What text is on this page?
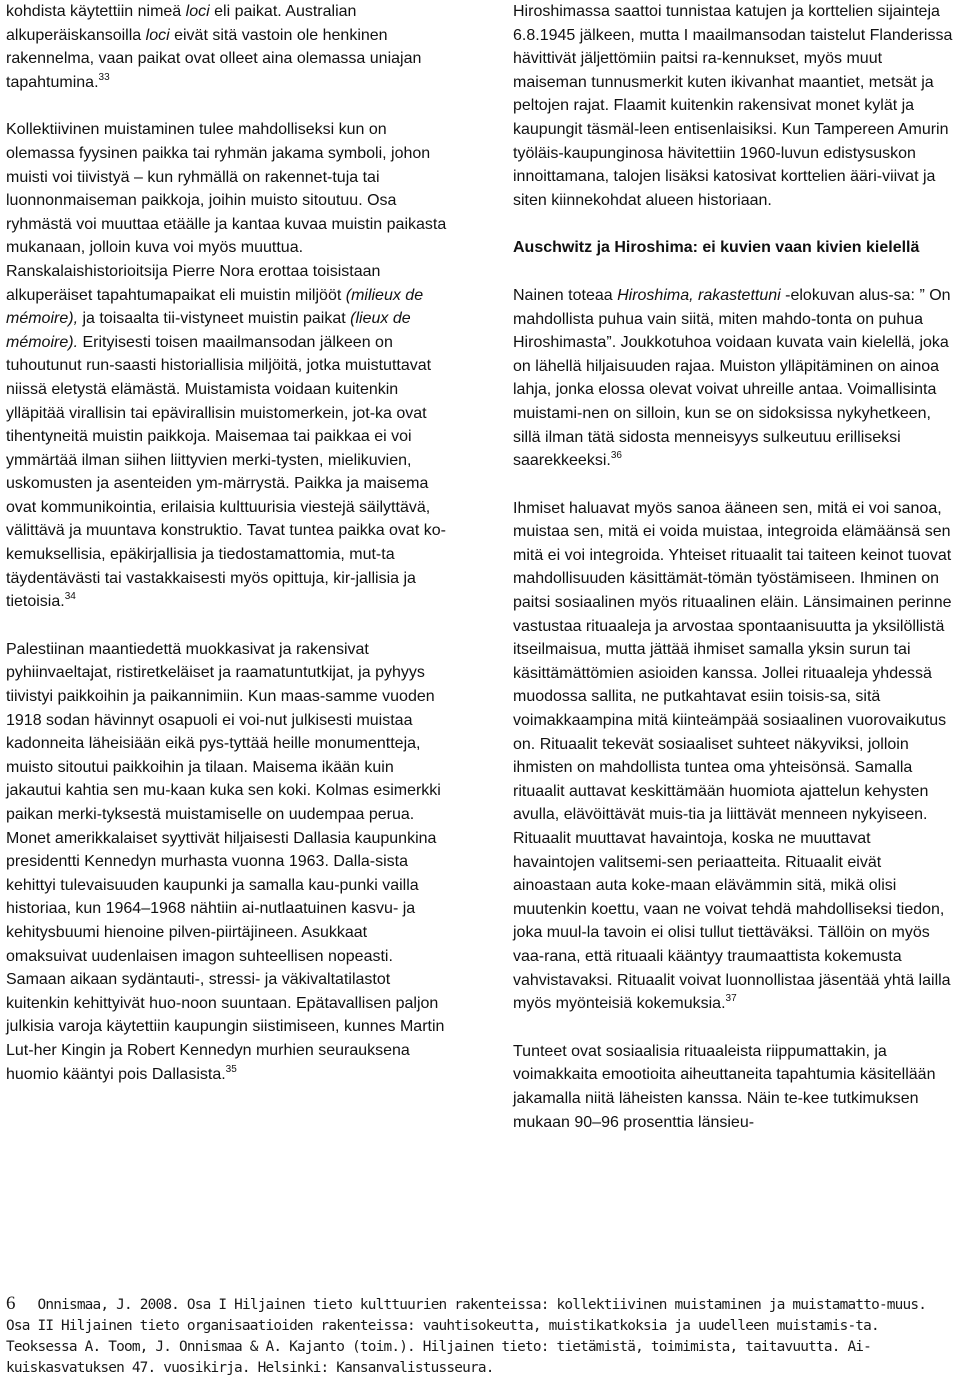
kohdista käytettiin nimeä loci eli paikat. Australian alkuperäiskansoilla loci eivät sitä vastoin ole henkinen rakennelma, vaan paikat ovat olleet aina olemassa uniajan tapahtumina.$^{33}$

Kollektiivinen muistaminen tulee mahdolliseksi kun on olemassa fyysinen paikka tai ryhmän jakama symboli, johon muisti voi tiivistyä – kun ryhmällä on rakennet-tuja tai luonnonmaiseman paikkoja, joihin muisto sitoutuu. Osa ryhmästä voi muuttaa etäälle ja kantaa kuvaa muistin paikasta mukanaan, jolloin kuva voi myös muuttua. Ranskalaishistorioitsija Pierre Nora erottaa toisistaan alkuperäiset tapahtumapaikat eli muistin miljööt (milieux de mémoire), ja toisaalta tii-vistyneet muistin paikat (lieux de mémoire). Erityisesti toisen maailmansodan jälkeen on tuhoutunut run-saasti historiallisia miljöitä, jotka muistuttavat niissä eletystä elämästä. Muistamista voidaan kuitenkin ylläpitää virallisin tai epävirallisin muistomerkein, jot-ka ovat tihentyneitä muistin paikkoja. Maisemaa tai paikkaa ei voi ymmärtää ilman siihen liittyvien merki-tysten, mielikuvien, uskomusten ja asenteiden ym-märrystä. Paikka ja maisema ovat kommunikointia, erilaisia kulttuurisia viestejä säilyttävä, välittävä ja muuntava konstruktio. Tavat tuntea paikka ovat ko-kemuksellisia, epäkirjallisia ja tiedostamattomia, mut-ta täydentävästi tai vastakkaisesti myös opittuja, kir-jallisia ja tietoisia.$^{34}$

Palestiinan maantiedettä muokkasivat ja rakensivat pyhiinvaeltajat, ristiretkeläiset ja raamatuntutkijat, ja pyhyys tiivistyi paikkoihin ja paikannimiin. Kun maas-samme vuoden 1918 sodan hävinnyt osapuoli ei voi-nut julkisesti muistaa kadonneita läheisiään eikä pys-tyttää heille monumentteja, muisto sitoutui paikkoihin ja tilaan. Maisema ikään kuin jakautui kahtia sen mu-kaan kuka sen koki. Kolmas esimerkki paikan merki-tyksestä muistamiselle on uudempaa perua. Monet amerikkalaiset syyttivät hiljaisesti Dallasia kaupunkina presidentti Kennedyn murhasta vuonna 1963. Dalla-sista kehittyi tulevaisuuden kaupunki ja samalla kau-punki vailla historiaa, kun 1964–1968 nähtiin ai-nutlaatuinen kasvu- ja kehitysbuumi hienoine pilven-piirtäjineen. Asukkaat omaksuivat uudenlaisen imagon suhteellisen nopeasti. Samaan aikaan sydäntauti-, stressi- ja väkivaltatilastot kuitenkin kehittyivät huo-noon suuntaan. Epätavallisen paljon julkisia varoja käytettiin kaupungin siistimiseen, kunnes Martin Lut-her Kingin ja Robert Kennedyn murhien seurauksena huomio kääntyi pois Dallasista.$^{35}$

Hiroshimassa saattoi tunnistaa katujen ja korttelien sijainteja 6.8.1945 jälkeen, mutta I maailmansodan taistelut Flanderissa hävittivät jäljettömiin paitsi ra-kennukset, myös muut maiseman tunnusmerkit kuten ikivanhat maantiet, metsät ja peltojen rajat. Flaamit kuitenkin rakensivat monet kylät ja kaupungit täsmäl-leen entisenlaisiksi. Kun Tampereen Amurin työläis-kaupunginosa hävitettiin 1960-luvun edistysuskon innoittamana, talojen lisäksi katosivat korttelien ääri-viivat ja siten kiinnekohdat alueen historiaan.

Auschwitz ja Hiroshima: ei kuvien vaan kivien kielellä

Nainen toteaa Hiroshima, rakastettuni -elokuvan alus-sa: ” On mahdollista puhua vain siitä, miten mahdo-tonta on puhua Hiroshimasta”. Joukkotuhoa voidaan kuvata vain kielellä, joka on lähellä hiljaisuuden rajaa. Muiston ylläpitäminen on ainoa lahja, jonka elossa olevat voivat uhreille antaa. Voimallisinta muistami-nen on silloin, kun se on sidoksissa nykyhetkeen, sillä ilman tätä sidosta menneisyys sulkeutuu erilliseksi saarekkeeksi.$^{36}$

Ihmiset haluavat myös sanoa ääneen sen, mitä ei voi sanoa, muistaa sen, mitä ei voida muistaa, integroida elämäänsä sen mitä ei voi integroida. Yhteiset rituaalit tai taiteen keinot tuovat mahdollisuuden käsittämät-tömän työstämiseen. Ihminen on paitsi sosiaalinen myös rituaalinen eläin. Länsimainen perinne vastustaa rituaaleja ja arvostaa spontaanisuutta ja yksilöllistä itseilmaisua, mutta jättää ihmiset samalla yksin surun tai käsittämättömien asioiden kanssa. Jollei rituaaleja yhdessä muodossa sallita, ne putkahtavat esiin toisis-sa, sitä voimakkaampina mitä kiinteämpää sosiaalinen vuorovaikutus on. Rituaalit tekevät sosiaaliset suhteet näkyviksi, jolloin ihmisten on mahdollista tuntea oma yhteisönsä. Samalla rituaalit auttavat keskittämään huomiota ajattelun kehysten avulla, elävöittävät muis-tia ja liittävät menneen nykyiseen. Rituaalit muuttavat havaintoja, koska ne muuttavat havaintojen valitsemi-sen periaatteita. Rituaalit eivät ainoastaan auta koke-maan elävämmin sitä, mikä olisi muutenkin koettu, vaan ne voivat tehdä mahdolliseksi tiedon, joka muul-la tavoin ei olisi tullut tiettäväksi. Tällöin on myös vaa-rana, että rituaali kääntyy traumaattista kokemusta vahvistavaksi. Rituaalit voivat luonnollistaa jäsentää yhtä lailla myös myönteisiä kokemuksia.$^{37}$

Tunteet ovat sosiaalisia rituaaleista riippumattakin, ja voimakkaita emootioita aiheuttaneita tapahtumia käsitellään jakamalla niitä läheisten kanssa. Näin te-kee tutkimuksen mukaan 90–96 prosenttia länsieu-

6 Onnismaa, J. 2008. Osa I Hiljainen tieto kulttuurien rakenteissa: kollektiivinen muistaminen ja muistamatto-muus. Osa II Hiljainen tieto organisaatioiden rakenteissa: vauhtisokeutta, muistikatkoksia ja uudelleen muistamis-ta. Teoksessa A. Toom, J. Onnismaa & A. Kajanto (toim.). Hiljainen tieto: tietämistä, toimimista, taitavuutta. Ai-kuiskasvatuksen 47. vuosikirja. Helsinki: Kansanvalistusseura.
